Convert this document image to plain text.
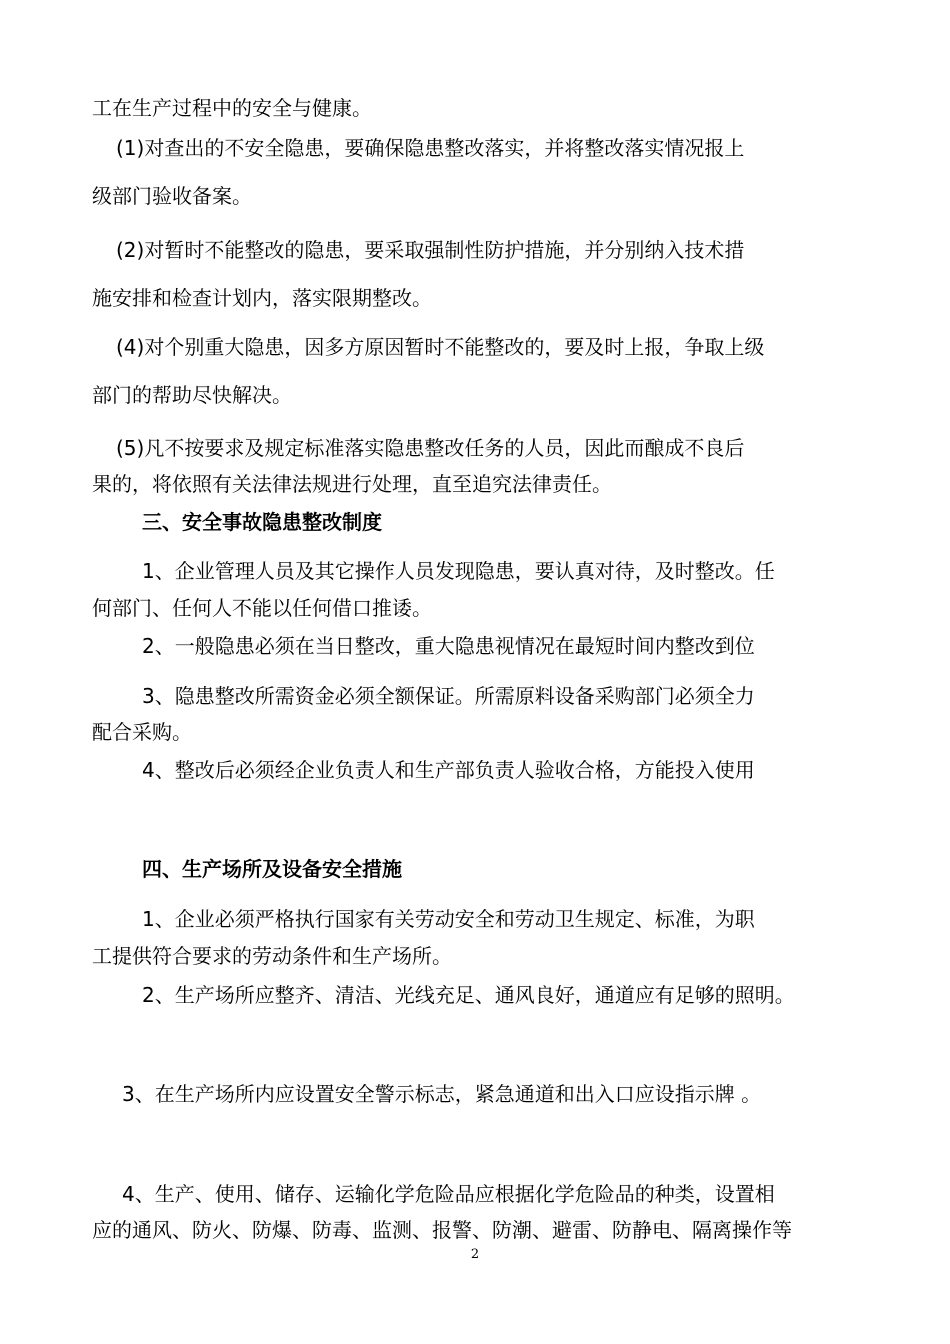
工在生产过程中的安全与健康。
(1)对查出的不安全隐患，要确保隐患整改落实，并将整改落实情况报上
级部门验收备案。
(2)对暂时不能整改的隐患，要采取强制性防护措施，并分别纳入技术措
施安排和检查计划内，落实限期整改。
(4)对个别重大隐患，因多方原因暂时不能整改的，要及时上报，争取上级
部门的帮助尽快解决。
(5)凡不按要求及规定标准落实隐患整改任务的人员，因此而酿成不良后
果的，将依照有关法律法规进行处理，直至追究法律责任。
三、安全事故隐患整改制度
1、企业管理人员及其它操作人员发现隐患，要认真对待，及时整改。任
何部门、任何人不能以任何借口推诿。
2、一般隐患必须在当日整改，重大隐患视情况在最短时间内整改到位
3、隐患整改所需资金必须全额保证。所需原料设备采购部门必须全力
配合采购。
4、整改后必须经企业负责人和生产部负责人验收合格，方能投入使用
四、生产场所及设备安全措施
1、企业必须严格执行国家有关劳动安全和劳动卫生规定、标准，为职
工提供符合要求的劳动条件和生产场所。
2、生产场所应整齐、清洁、光线充足、通风良好，通道应有足够的照明。
3、在生产场所内应设置安全警示标志，紧急通道和出入口应设指示牌 。
4、生产、使用、储存、运输化学危险品应根据化学危险品的种类，设置相
应的通风、防火、防爆、防毒、监测、报警、防潮、避雷、防静电、隔离操作等
2
